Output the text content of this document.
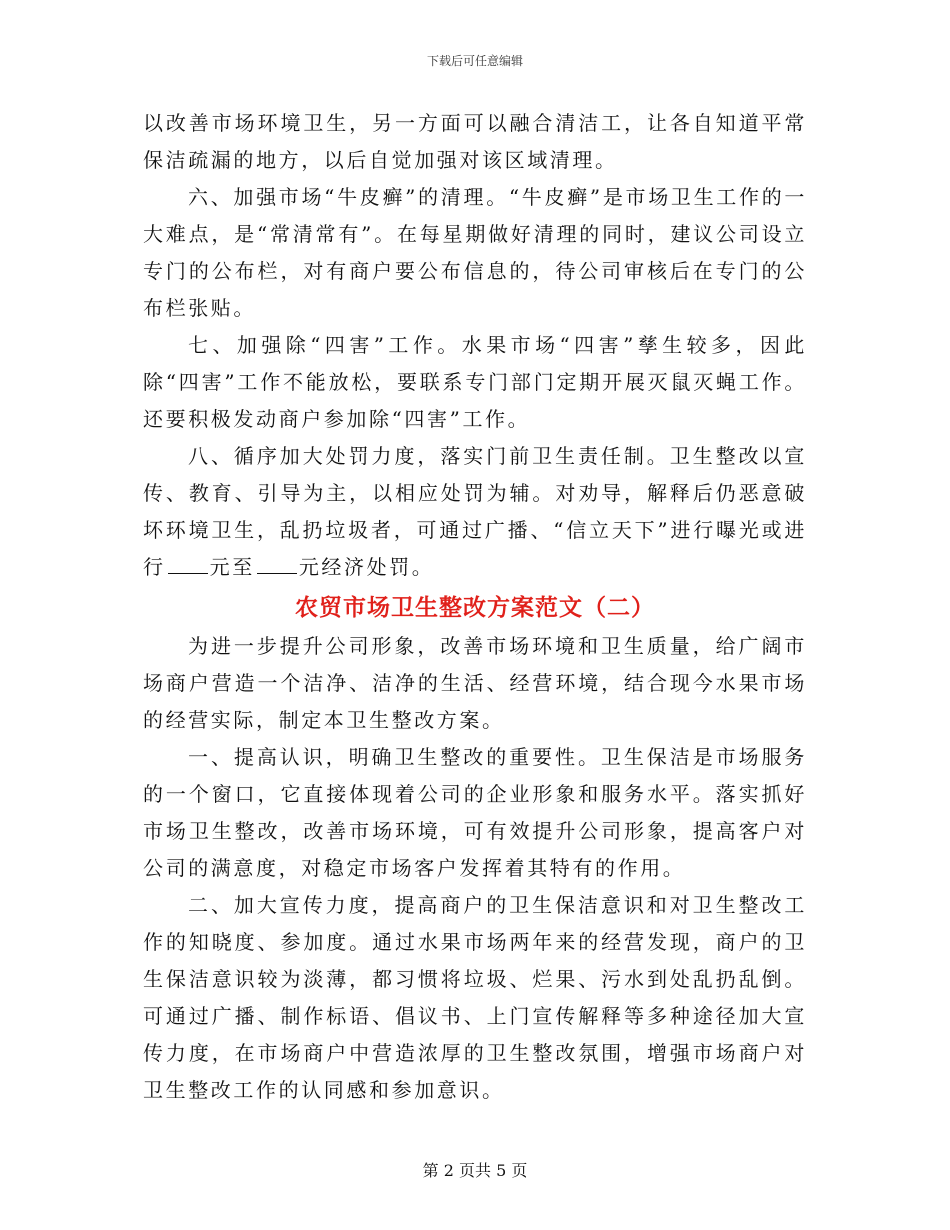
下载后可任意编辑

以改善市场环境卫生，另一方面可以融合清洁工，让各自知道平常保洁疏漏的地方，以后自觉加强对该区域清理。

六、加强市场“牛皮癣”的清理。“牛皮癣”是市场卫生工作的一大难点，是“常清常有”。在每星期做好清理的同时，建议公司设立专门的公布栏，对有商户要公布信息的，待公司审核后在专门的公布栏张贴。

七、加强除“四害”工作。水果市场“四害”孳生较多，因此除“四害”工作不能放松，要联系专门部门定期开展灭鼠灭蝇工作。还要积极发动商户参加除“四害”工作。

八、循序加大处罚力度，落实门前卫生责任制。卫生整改以宣传、教育、引导为主，以相应处罚为辅。对劝导，解释后仍恶意破坏环境卫生，乱扔垃圾者，可通过广播、“信立天下”进行曝光或进行 元至 元经济处罚。

农贸市场卫生整改方案范文（二）

为进一步提升公司形象，改善市场环境和卫生质量，给广阔市场商户营造一个洁净、洁净的生活、经营环境，结合现今水果市场的经营实际，制定本卫生整改方案。

一、提高认识，明确卫生整改的重要性。卫生保洁是市场服务的一个窗口，它直接体现着公司的企业形象和服务水平。落实抓好市场卫生整改，改善市场环境，可有效提升公司形象，提高客户对公司的满意度，对稳定市场客户发挥着其特有的作用。

二、加大宣传力度，提高商户的卫生保洁意识和对卫生整改工作的知晓度、参加度。通过水果市场两年来的经营发现，商户的卫生保洁意识较为淡薄，都习惯将垃圾、烂果、污水到处乱扔乱倒。可通过广播、制作标语、倡议书、上门宣传解释等多种途径加大宣传力度，在市场商户中营造浓厚的卫生整改氛围，增强市场商户对卫生整改工作的认同感和参加意识。

第 2 页共 5 页
